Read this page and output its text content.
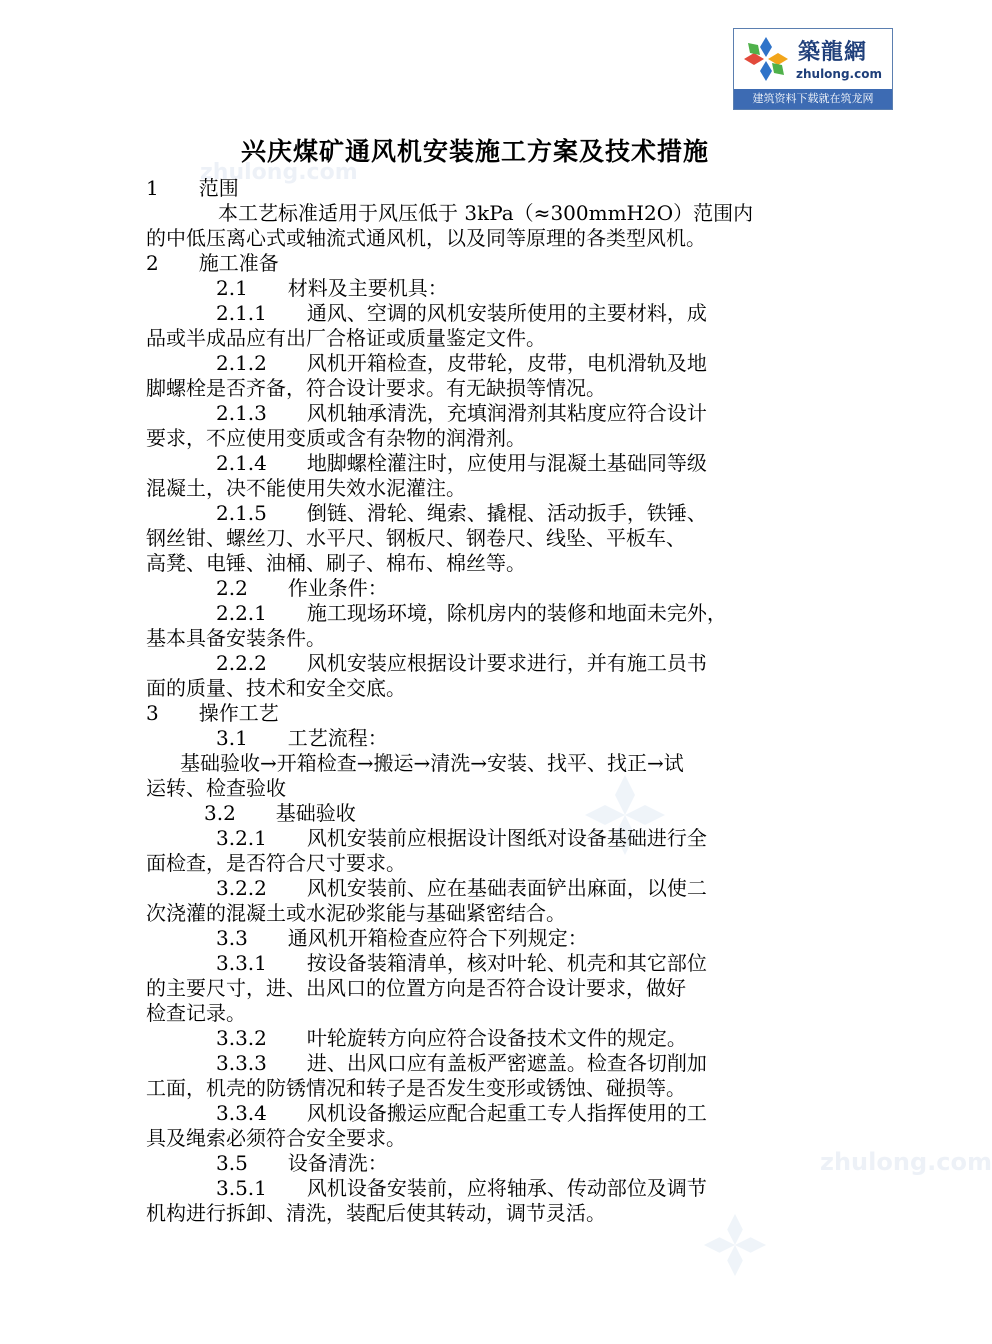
築龍網
zhulong.com
建筑资料下载就在筑龙网
zhulong.com
zhulong.com
兴庆煤矿通风机安装施工方案及技术措施
1　　范围
　本工艺标准适用于风压低于 3kPa（≈300mmH2O）范围内
的中低压离心式或轴流式通风机，以及同等原理的各类型风机。
2　　施工准备
2.1　　材料及主要机具：
2.1.1　　通风、空调的风机安装所使用的主要材料，成
品或半成品应有出厂合格证或质量鉴定文件。
2.1.2　　风机开箱检查，皮带轮，皮带，电机滑轨及地
脚螺栓是否齐备，符合设计要求。有无缺损等情况。
2.1.3　　风机轴承清洗，充填润滑剂其粘度应符合设计
要求，不应使用变质或含有杂物的润滑剂。
2.1.4　　地脚螺栓灌注时，应使用与混凝土基础同等级
混凝土，决不能使用失效水泥灌注。
2.1.5　　倒链、滑轮、绳索、撬棍、活动扳手，铁锤、
钢丝钳、螺丝刀、水平尺、钢板尺、钢卷尺、线坠、平板车、
高凳、电锤、油桶、刷子、棉布、棉丝等。
2.2　　作业条件：
2.2.1　　施工现场环境，除机房内的装修和地面未完外，
基本具备安装条件。
2.2.2　　风机安装应根据设计要求进行，并有施工员书
面的质量、技术和安全交底。
3　　操作工艺
3.1　　工艺流程：
基础验收→开箱检查→搬运→清洗→安装、找平、找正→试
运转、检查验收
3.2　　基础验收
3.2.1　　风机安装前应根据设计图纸对设备基础进行全
面检查，是否符合尺寸要求。
3.2.2　　风机安装前、应在基础表面铲出麻面，以使二
次浇灌的混凝土或水泥砂浆能与基础紧密结合。
3.3　　通风机开箱检查应符合下列规定：
3.3.1　　按设备装箱清单，核对叶轮、机壳和其它部位
的主要尺寸，进、出风口的位置方向是否符合设计要求，做好
检查记录。
3.3.2　　叶轮旋转方向应符合设备技术文件的规定。
3.3.3　　进、出风口应有盖板严密遮盖。检查各切削加
工面，机壳的防锈情况和转子是否发生变形或锈蚀、碰损等。
3.3.4　　风机设备搬运应配合起重工专人指挥使用的工
具及绳索必须符合安全要求。
3.5　　设备清洗：
3.5.1　　风机设备安装前，应将轴承、传动部位及调节
机构进行拆卸、清洗，装配后使其转动，调节灵活。
